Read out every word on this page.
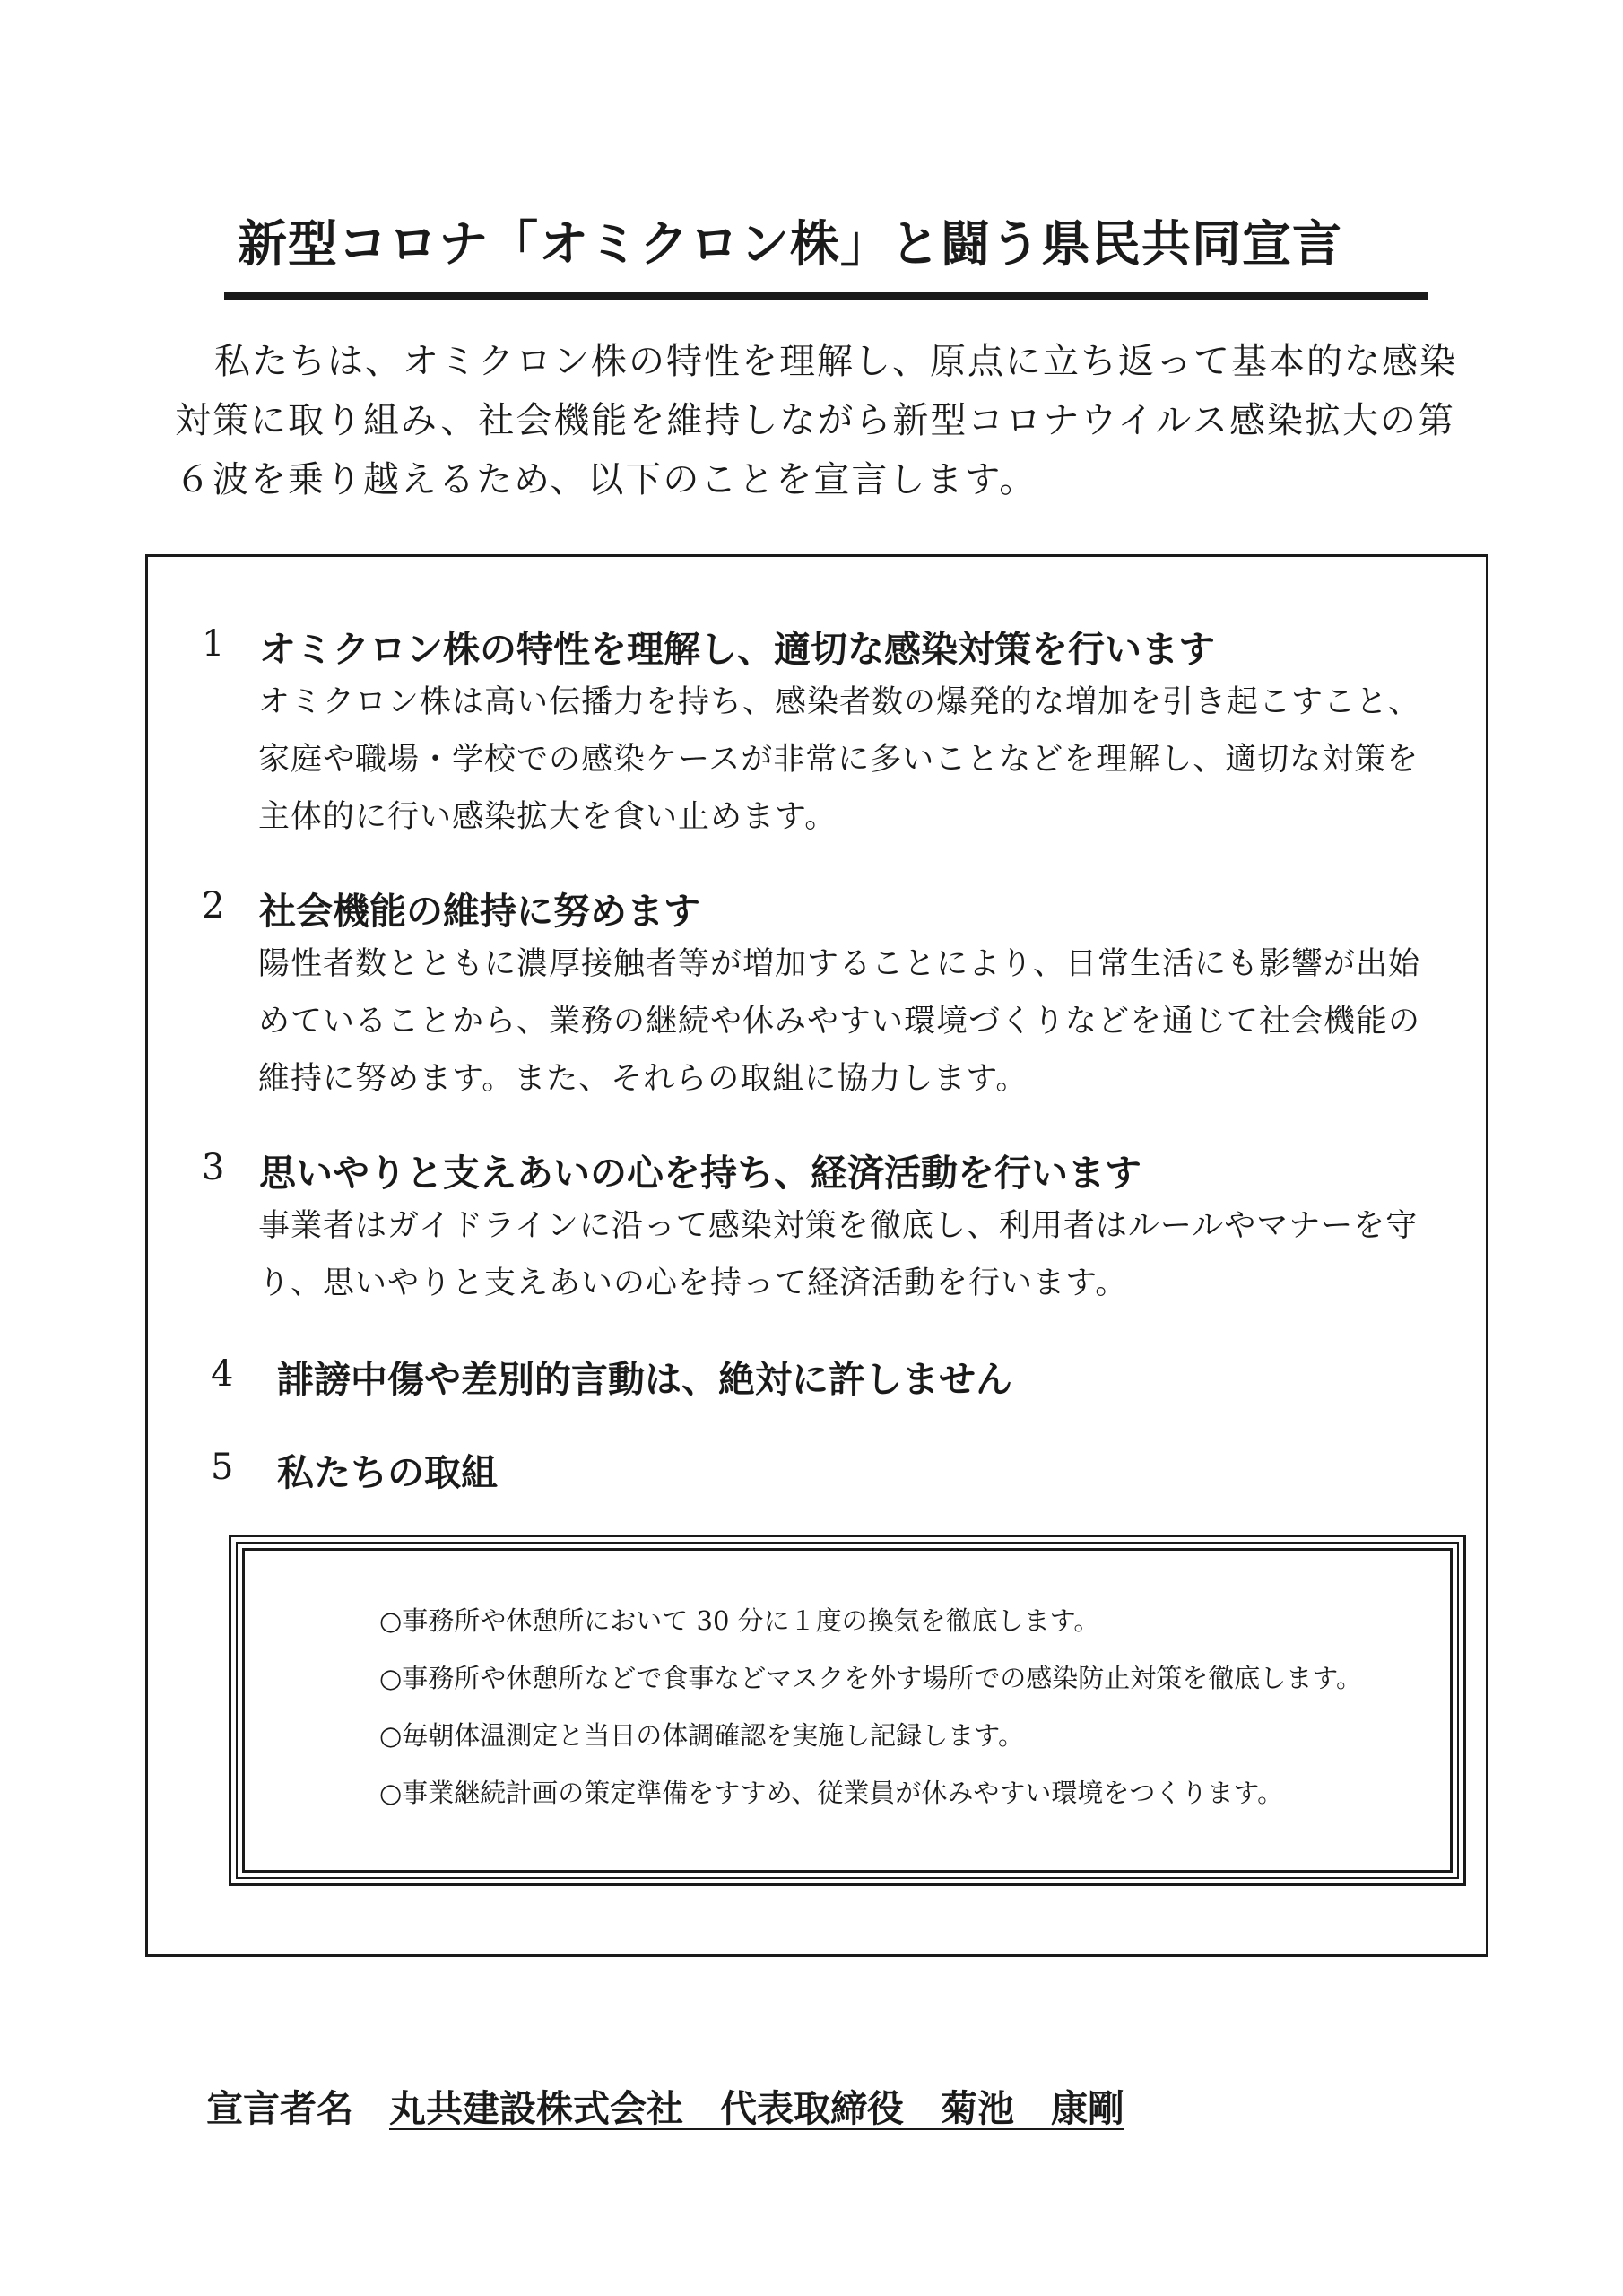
新型コロナ「オミクロン株」と闘う県民共同宣言

私たちは、オミクロン株の特性を理解し、原点に立ち返って基本的な感染

対策に取り組み、社会機能を維持しながら新型コロナウイルス感染拡大の第

６波を乗り越えるため、以下のことを宣言します。

1 オミクロン株の特性を理解し、適切な感染対策を行います

オミクロン株は高い伝播力を持ち、感染者数の爆発的な増加を引き起こすこと、

家庭や職場・学校での感染ケースが非常に多いことなどを理解し、適切な対策を

主体的に行い感染拡大を食い止めます。

2 社会機能の維持に努めます

陽性者数とともに濃厚接触者等が増加することにより、日常生活にも影響が出始

めていることから、業務の継続や休みやすい環境づくりなどを通じて社会機能の

維持に努めます。また、それらの取組に協力します。

3 思いやりと支えあいの心を持ち、経済活動を行います

事業者はガイドラインに沿って感染対策を徹底し、利用者はルールやマナーを守

り、思いやりと支えあいの心を持って経済活動を行います。

4 誹謗中傷や差別的言動は、絶対に許しません
5 私たちの取組
○事務所や休憩所において 30 分に１度の換気を徹底します。
○事務所や休憩所などで食事などマスクを外す場所での感染防止対策を徹底します。
○毎朝体温測定と当日の体調確認を実施し記録します。
○事業継続計画の策定準備をすすめ、従業員が休みやすい環境をつくります。
宣言者名 丸共建設株式会社　代表取締役　菊池　康剛
